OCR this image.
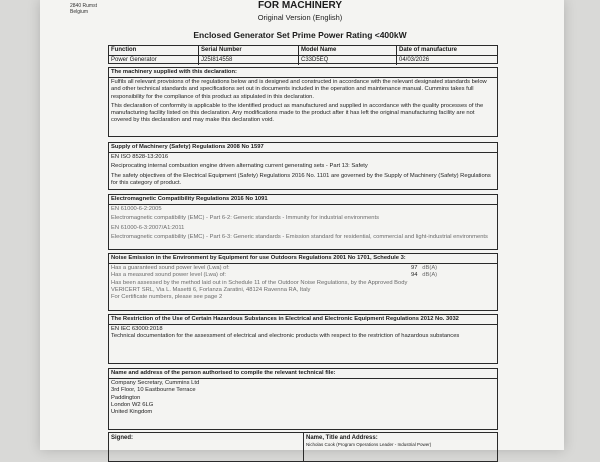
2840 Rumst
Belgium
FOR MACHINERY
Original Version (English)
Enclosed Generator Set Prime Power Rating <400kW
Function	Serial Number	Model Name	Date of manufacture
Power Generator	J25I814558	C33D5EQ	04/03/2026
The machinery supplied with this declaration:

Fulfils all relevant provisions of the regulations below and is designed and constructed in accordance with the relevant designated standards below and other technical standards and specifications set out in documents included in the operation and maintenance manual. Cummins takes full responsibility for the compliance of this product as stipulated in this declaration.

This declaration of conformity is applicable to the identified product as manufactured and supplied in accordance with the quality processes of the manufacturing facility listed on this declaration. Any modifications made to the product after it has left the original manufacturing facility are not covered by this declaration and may make this declaration void.

Supply of Machinery (Safety) Regulations 2008 No 1597

EN ISO 8528-13:2016

Reciprocating internal combustion engine driven alternating current generating sets - Part 13: Safety

The safety objectives of the Electrical Equipment (Safety) Regulations 2016 No. 1101 are governed by the Supply of Machinery (Safety) Regulations for this category of product.

Electromagnetic Compatibility Regulations 2016 No 1091

EN 61000-6-2:2005

Electromagnetic compatibility (EMC) - Part 6-2: Generic standards - Immunity for industrial environments

EN 61000-6-3:2007/A1:2011

Electromagnetic compatibility (EMC) - Part 6-3: Generic standards - Emission standard for residential, commercial and light-industrial environments

Noise Emission in the Environment by Equipment for use Outdoors Regulations 2001 No 1701, Schedule 3:

Has a guaranteed sound power level (Lwa) of:	97 dB(A)

Has a measured sound power level (Lwa) of:	94 dB(A)

Has been assessed by the method laid out in Schedule 11 of the Outdoor Noise Regulations, by the Approved Body

VERICERT SRL, Via L. Masetti 6, Forlanza Zaratini, 48124 Ravenna RA, Italy

For Certificate numbers, please see page 2

The Restriction of the Use of Certain Hazardous Substances in Electrical and Electronic Equipment Regulations 2012 No. 3032

EN IEC 63000:2018

Technical documentation for the assessment of electrical and electronic products with respect to the restriction of hazardous substances

Name and address of the person authorised to compile the relevant technical file:
Company Secretary, Cummins Ltd
3rd Floor, 10 Eastbourne Terrace
Paddington
London W2 6LG
United Kingdom
Signed:	Name, Title and Address:
Nicholas Cook (Program Operations Leader - Industrial Power)
